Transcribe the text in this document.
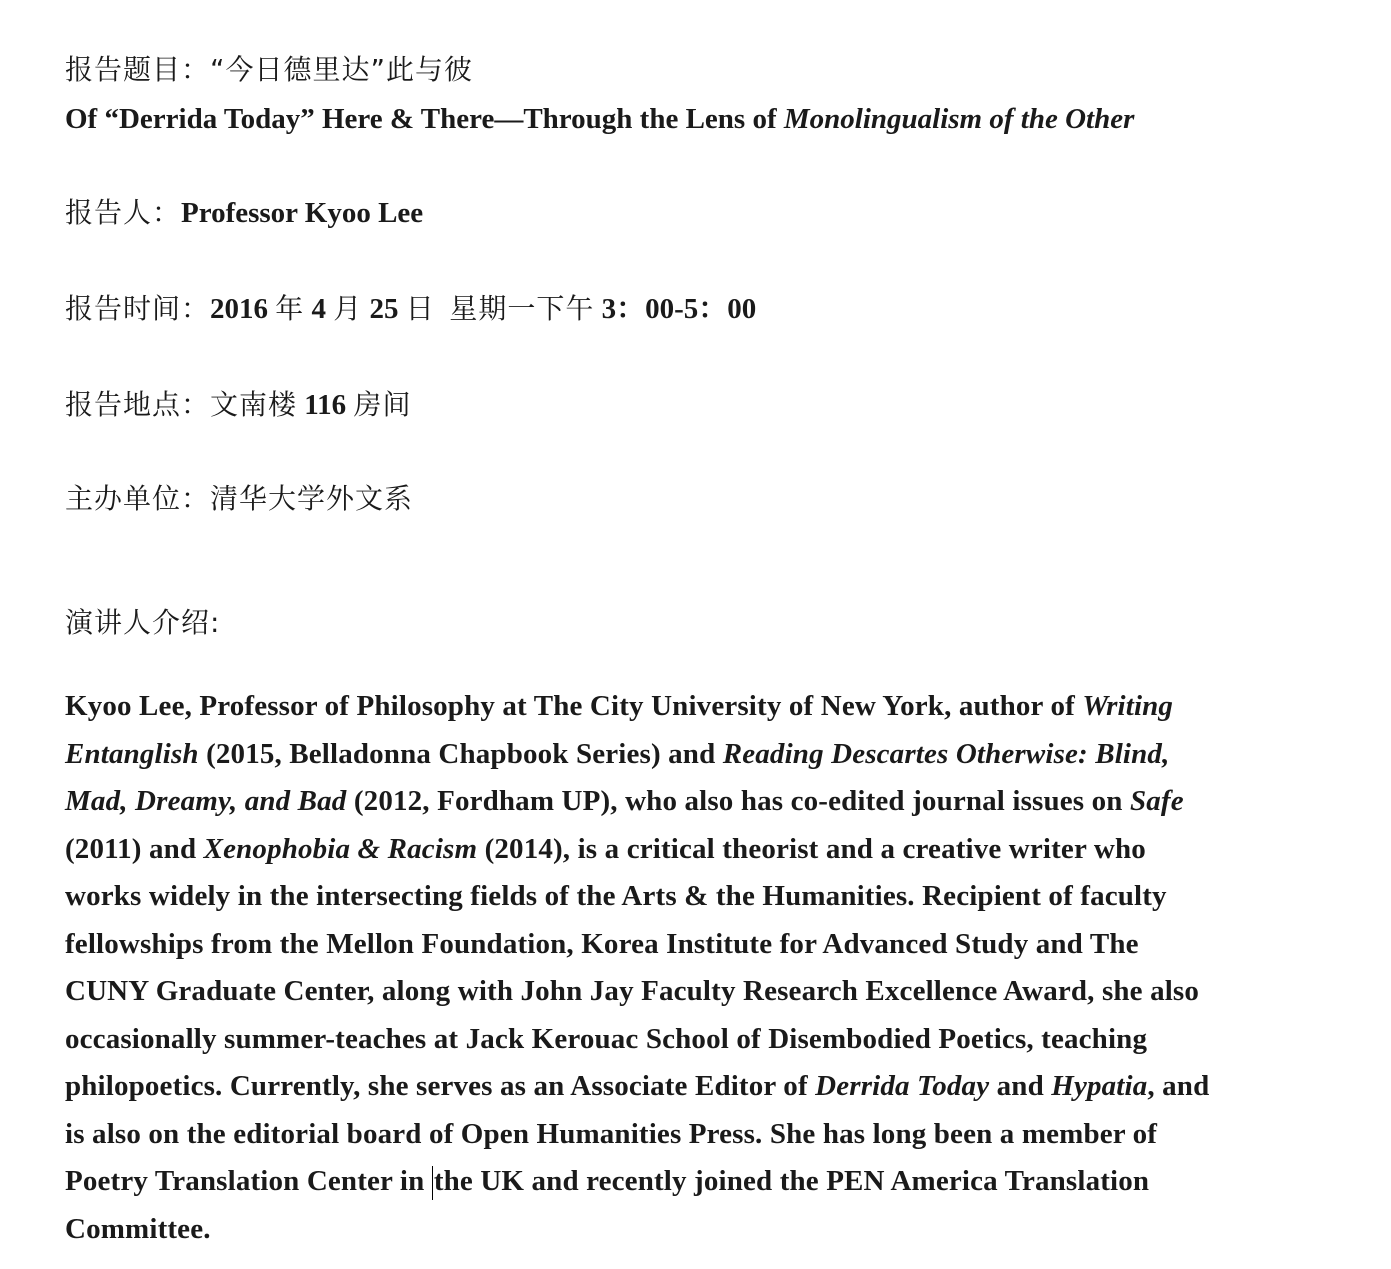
报告题目：“今日德里达”此与彼
Of “Derrida Today” Here & There—Through the Lens of Monolingualism of the Other
报告人：Professor Kyoo Lee
报告时间：2016 年 4 月 25 日 星期一下午 3：00-5：00
报告地点：文南楼 116 房间
主办单位：清华大学外文系
演讲人介绍:
Kyoo Lee, Professor of Philosophy at The City University of New York, author of Writing
Entanglish (2015, Belladonna Chapbook Series) and Reading Descartes Otherwise: Blind,
Mad, Dreamy, and Bad (2012, Fordham UP), who also has co-edited journal issues on Safe
(2011) and Xenophobia & Racism (2014), is a critical theorist and a creative writer who
works widely in the intersecting fields of the Arts & the Humanities. Recipient of faculty
fellowships from the Mellon Foundation, Korea Institute for Advanced Study and The
CUNY Graduate Center, along with John Jay Faculty Research Excellence Award, she also
occasionally summer-teaches at Jack Kerouac School of Disembodied Poetics, teaching
philopoetics. Currently, she serves as an Associate Editor of Derrida Today and Hypatia, and
is also on the editorial board of Open Humanities Press. She has long been a member of
Poetry Translation Center in the UK and recently joined the PEN America Translation
Committee.
